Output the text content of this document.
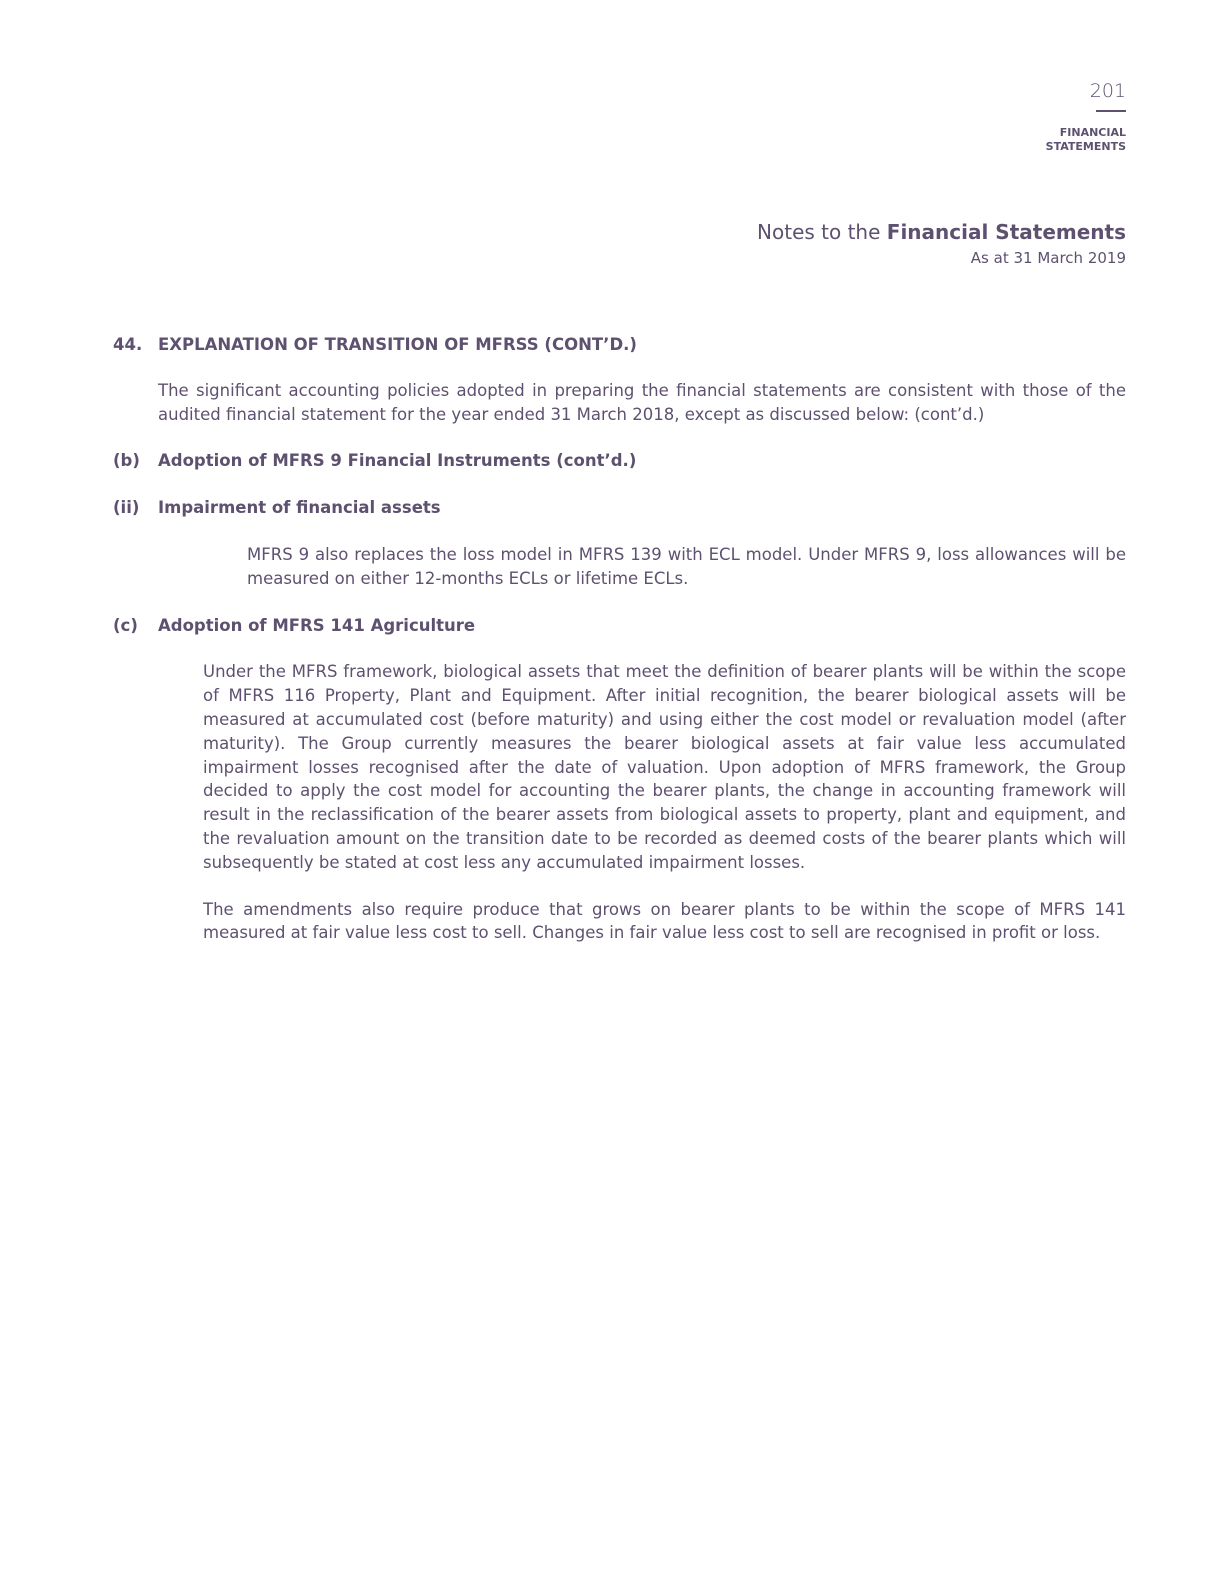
201
FINANCIAL
STATEMENTS
Notes to the Financial Statements
As at 31 March 2019
44. EXPLANATION OF TRANSITION OF MFRSS (CONT’D.)

The significant accounting policies adopted in preparing the financial statements are consistent with those of the audited financial statement for the year ended 31 March 2018, except as discussed below: (cont’d.)

(b)	Adoption of MFRS 9 Financial Instruments (cont’d.)
(ii)	Impairment of financial assets

MFRS 9 also replaces the loss model in MFRS 139 with ECL model. Under MFRS 9, loss allowances will be measured on either 12-months ECLs or lifetime ECLs.

(c)	Adoption of MFRS 141 Agriculture

Under the MFRS framework, biological assets that meet the definition of bearer plants will be within the scope of MFRS 116 Property, Plant and Equipment. After initial recognition, the bearer biological assets will be measured at accumulated cost (before maturity) and using either the cost model or revaluation model (after maturity). The Group currently measures the bearer biological assets at fair value less accumulated impairment losses recognised after the date of valuation. Upon adoption of MFRS framework, the Group decided to apply the cost model for accounting the bearer plants, the change in accounting framework will result in the reclassification of the bearer assets from biological assets to property, plant and equipment, and the revaluation amount on the transition date to be recorded as deemed costs of the bearer plants which will subsequently be stated at cost less any accumulated impairment losses.

The amendments also require produce that grows on bearer plants to be within the scope of MFRS 141 measured at fair value less cost to sell. Changes in fair value less cost to sell are recognised in profit or loss.
